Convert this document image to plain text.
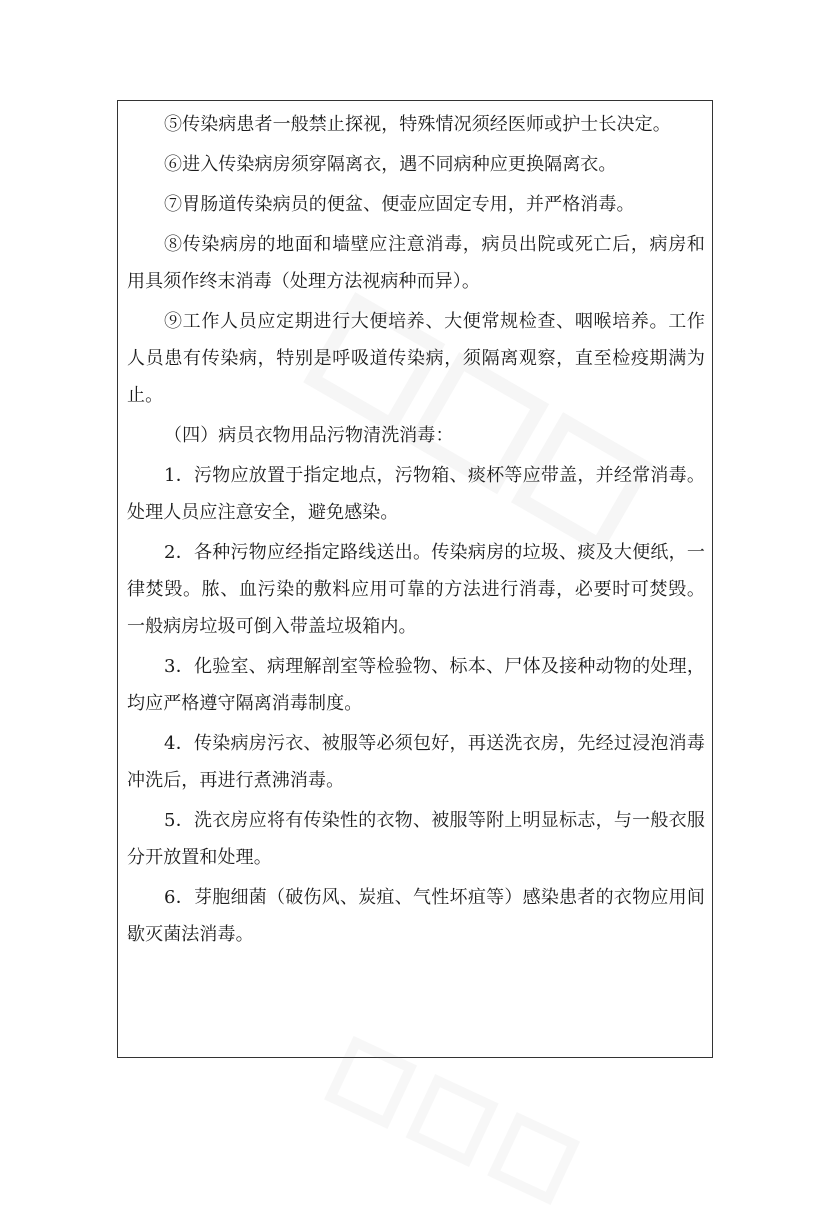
⑤传染病患者一般禁止探视，特殊情况须经医师或护士长决定。

⑥进入传染病房须穿隔离衣，遇不同病种应更换隔离衣。

⑦胃肠道传染病员的便盆、便壶应固定专用，并严格消毒。

⑧传染病房的地面和墙壁应注意消毒，病员出院或死亡后，病房和用具须作终末消毒（处理方法视病种而异）。

⑨工作人员应定期进行大便培养、大便常规检查、咽喉培养。工作人员患有传染病，特别是呼吸道传染病，须隔离观察，直至检疫期满为止。

（四）病员衣物用品污物清洗消毒：

1．污物应放置于指定地点，污物箱、痰杯等应带盖，并经常消毒。处理人员应注意安全，避免感染。

2．各种污物应经指定路线送出。传染病房的垃圾、痰及大便纸，一律焚毁。脓、血污染的敷料应用可靠的方法进行消毒，必要时可焚毁。一般病房垃圾可倒入带盖垃圾箱内。

3．化验室、病理解剖室等检验物、标本、尸体及接种动物的处理，均应严格遵守隔离消毒制度。

4．传染病房污衣、被服等必须包好，再送洗衣房，先经过浸泡消毒冲洗后，再进行煮沸消毒。

5．洗衣房应将有传染性的衣物、被服等附上明显标志，与一般衣服分开放置和处理。

6．芽胞细菌（破伤风、炭疽、气性坏疽等）感染患者的衣物应用间歇灭菌法消毒。
